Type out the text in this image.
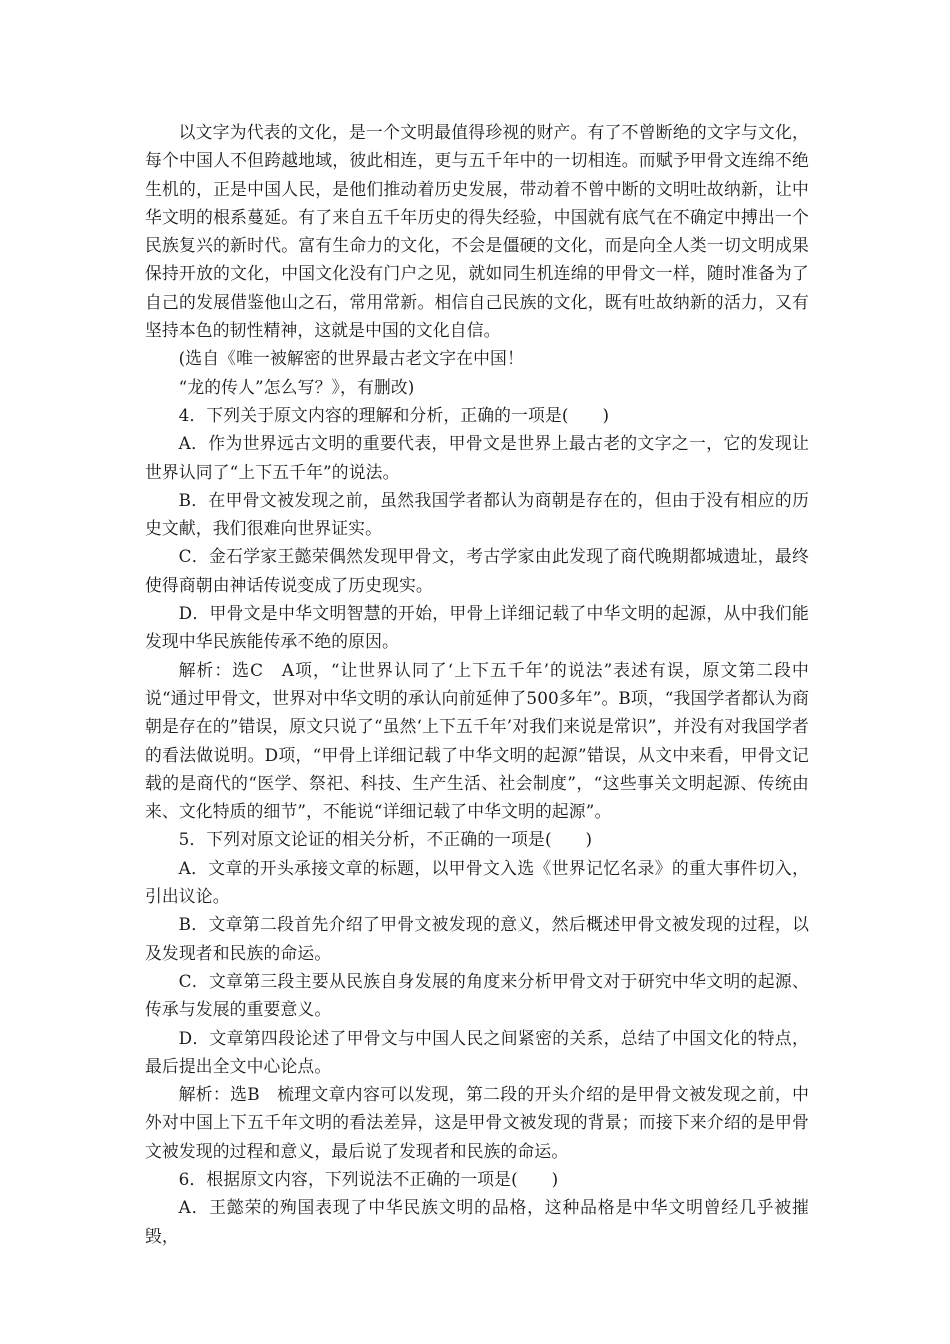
以文字为代表的文化，是一个文明最值得珍视的财产。有了不曾断绝的文字与文化，每个中国人不但跨越地域，彼此相连，更与五千年中的一切相连。而赋予甲骨文连绵不绝生机的，正是中国人民，是他们推动着历史发展，带动着不曾中断的文明吐故纳新，让中华文明的根系蔓延。有了来自五千年历史的得失经验，中国就有底气在不确定中搏出一个民族复兴的新时代。富有生命力的文化，不会是僵硬的文化，而是向全人类一切文明成果保持开放的文化，中国文化没有门户之见，就如同生机连绵的甲骨文一样，随时准备为了自己的发展借鉴他山之石，常用常新。相信自己民族的文化，既有吐故纳新的活力，又有坚持本色的韧性精神，这就是中国的文化自信。

(选自《唯一被解密的世界最古老文字在中国！

“龙的传人”怎么写？》，有删改)

4．下列关于原文内容的理解和分析，正确的一项是(　　)

A．作为世界远古文明的重要代表，甲骨文是世界上最古老的文字之一，它的发现让世界认同了“上下五千年”的说法。

B．在甲骨文被发现之前，虽然我国学者都认为商朝是存在的，但由于没有相应的历史文献，我们很难向世界证实。

C．金石学家王懿荣偶然发现甲骨文，考古学家由此发现了商代晚期都城遗址，最终使得商朝由神话传说变成了历史现实。

D．甲骨文是中华文明智慧的开始，甲骨上详细记载了中华文明的起源，从中我们能发现中华民族能传承不绝的原因。

解析：选C　A项，“让世界认同了‘上下五千年’的说法”表述有误，原文第二段中说“通过甲骨文，世界对中华文明的承认向前延伸了500多年”。B项，“我国学者都认为商朝是存在的”错误，原文只说了“虽然‘上下五千年’对我们来说是常识”，并没有对我国学者的看法做说明。D项，“甲骨上详细记载了中华文明的起源”错误，从文中来看，甲骨文记载的是商代的“医学、祭祀、科技、生产生活、社会制度”，“这些事关文明起源、传统由来、文化特质的细节”，不能说“详细记载了中华文明的起源”。

5．下列对原文论证的相关分析，不正确的一项是(　　)

A．文章的开头承接文章的标题，以甲骨文入选《世界记忆名录》的重大事件切入，引出议论。

B．文章第二段首先介绍了甲骨文被发现的意义，然后概述甲骨文被发现的过程，以及发现者和民族的命运。

C．文章第三段主要从民族自身发展的角度来分析甲骨文对于研究中华文明的起源、传承与发展的重要意义。

D．文章第四段论述了甲骨文与中国人民之间紧密的关系，总结了中国文化的特点，最后提出全文中心论点。

解析：选B　梳理文章内容可以发现，第二段的开头介绍的是甲骨文被发现之前，中外对中国上下五千年文明的看法差异，这是甲骨文被发现的背景；而接下来介绍的是甲骨文被发现的过程和意义，最后说了发现者和民族的命运。

6．根据原文内容，下列说法不正确的一项是(　　)

A．王懿荣的殉国表现了中华民族文明的品格，这种品格是中华文明曾经几乎被摧毁，
